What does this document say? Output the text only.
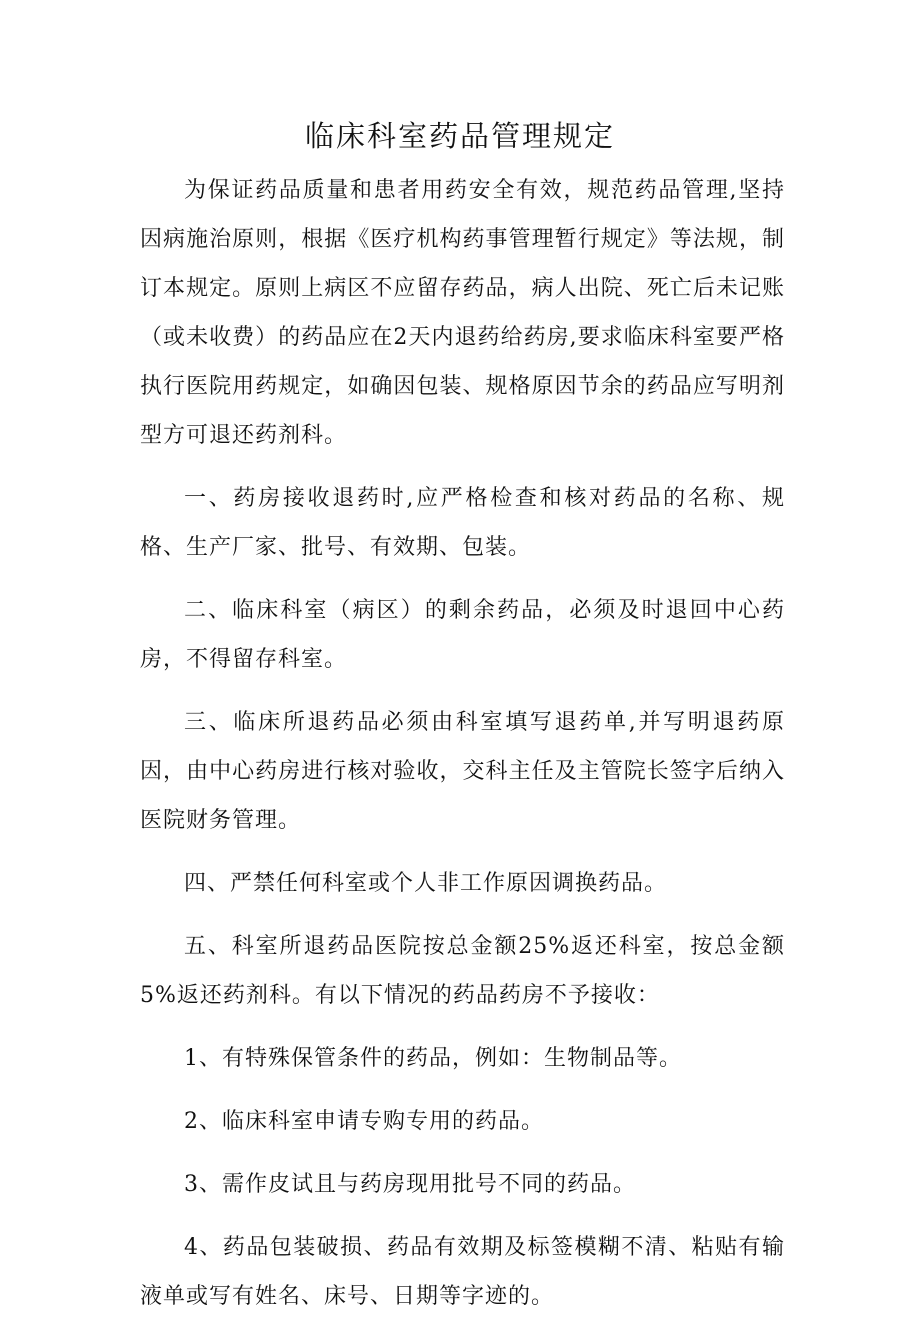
临床科室药品管理规定

为保证药品质量和患者用药安全有效，规范药品管理,坚持因病施治原则，根据《医疗机构药事管理暂行规定》等法规，制订本规定。原则上病区不应留存药品，病人出院、死亡后未记账（或未收费）的药品应在2天内退药给药房,要求临床科室要严格执行医院用药规定，如确因包装、规格原因节余的药品应写明剂型方可退还药剂科。

一、药房接收退药时,应严格检查和核对药品的名称、规格、生产厂家、批号、有效期、包装。

二、临床科室（病区）的剩余药品，必须及时退回中心药房，不得留存科室。

三、临床所退药品必须由科室填写退药单,并写明退药原因，由中心药房进行核对验收，交科主任及主管院长签字后纳入医院财务管理。

四、严禁任何科室或个人非工作原因调换药品。

五、科室所退药品医院按总金额25%返还科室，按总金额5%返还药剂科。有以下情况的药品药房不予接收：

1、有特殊保管条件的药品，例如：生物制品等。

2、临床科室申请专购专用的药品。

3、需作皮试且与药房现用批号不同的药品。

4、药品包装破损、药品有效期及标签模糊不清、粘贴有输液单或写有姓名、床号、日期等字迹的。
